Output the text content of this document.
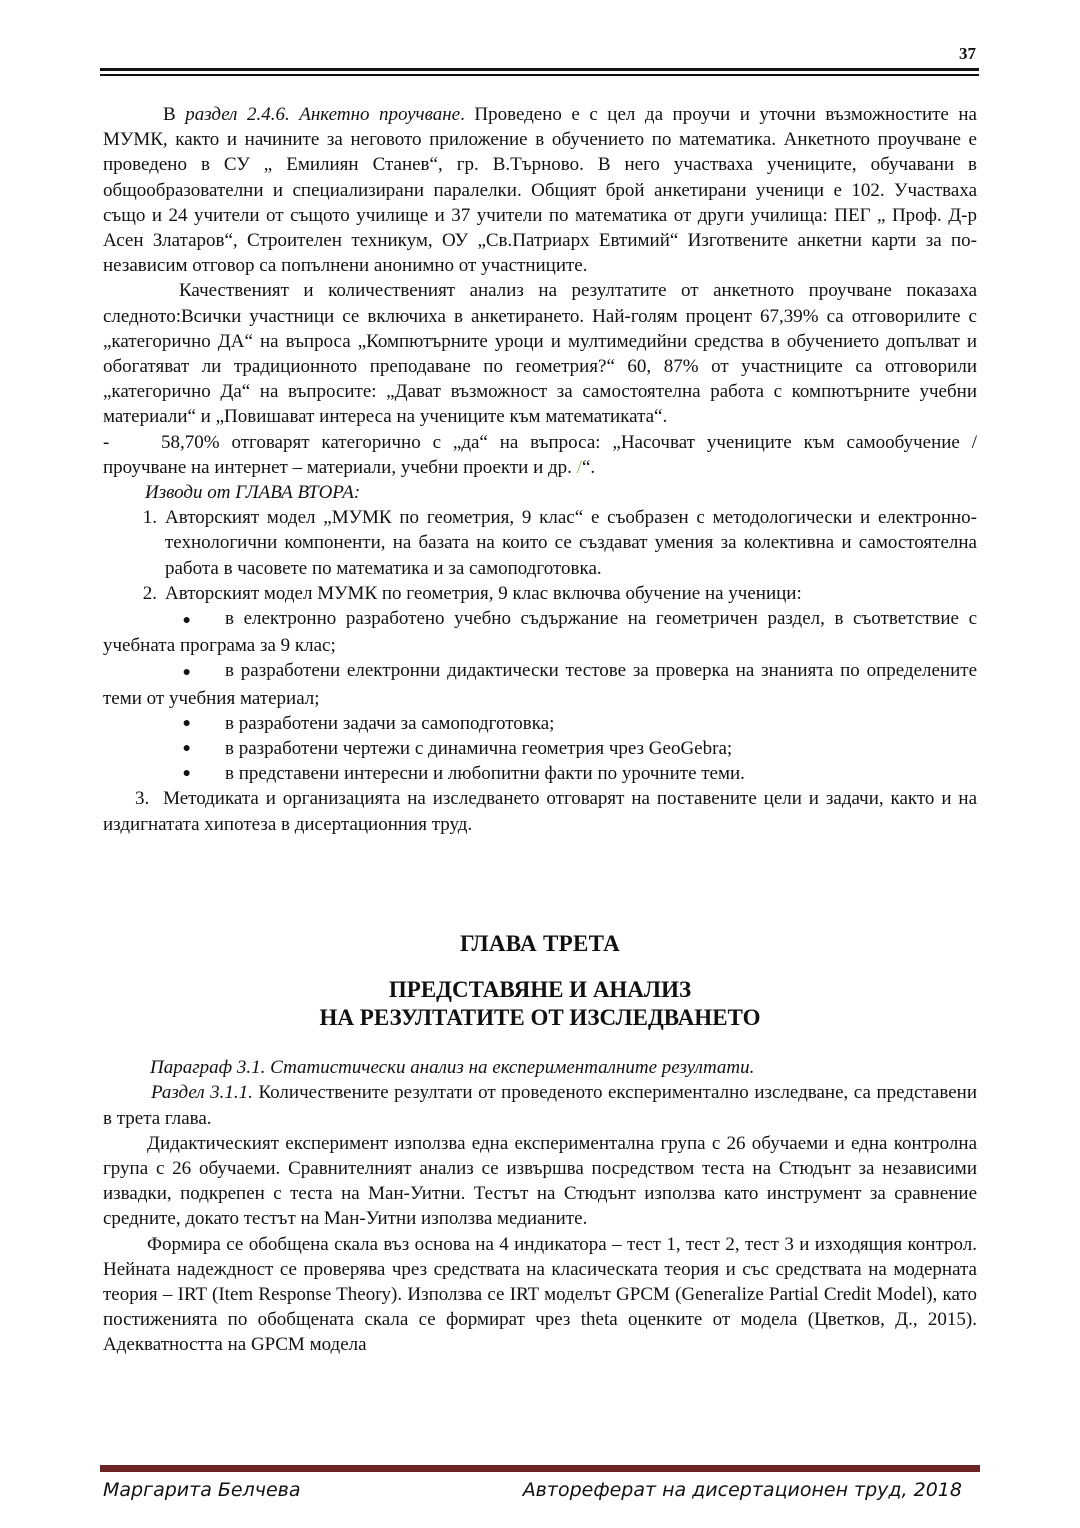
37

В раздел 2.4.6. Анкетно проучване. Проведено е с цел да проучи и уточни възможностите на МУМК, както и начините за неговото приложение в обучението по математика. Анкетното проучване е проведено в СУ „ Емилиян Станев“, гр. В.Търново. В него участваха учениците, обучавани в общообразователни и специализирани паралелки. Общият брой анкетирани ученици е 102. Участваха също и 24 учители от същото училище и 37 учители по математика от други училища: ПЕГ „ Проф. Д-р Асен Златаров“, Строителен техникум, ОУ „Св.Патриарх Евтимий“ Изготвените анкетни карти за по-независим отговор са попълнени анонимно от участниците.

Качественият и количественият анализ на резултатите от анкетното проучване показаха следното:Всички участници се включиха в анкетирането. Най-голям процент 67,39% са отговорилите с „категорично ДА“ на въпроса „Компютърните уроци и мултимедийни средства в обучението допълват и обогатяват ли традиционното преподаване по геометрия?“ 60, 87% от участниците са отговорили „категорично Да“ на въпросите: „Дават възможност за самостоятелна работа с компютърните учебни материали“ и „Повишават интереса на учениците към математиката“.

-	58,70% отговарят категорично с „да“ на въпроса: „Насочват учениците към самообучение /проучване на интернет – материали, учебни проекти и др. /“.

Изводи от ГЛАВА ВТОРА:
1. Авторският модел „МУМК по геометрия, 9 клас“ е съобразен с методологически и електронно-технологични компоненти, на базата на които се създават умения за колективна и самостоятелна работа в часовете по математика и за самоподготовка.
2. Авторският модел МУМК по геометрия, 9 клас включва обучение на ученици:

● в електронно разработено учебно съдържание на геометричен раздел, в съответствие с учебната програма за 9 клас;

● в разработени електронни дидактически тестове за проверка на знанията по определените теми от учебния материал;

●	в разработени задачи за самоподготовка;
●	в разработени чертежи с динамична геометрия чрез GeoGebra;
●	в представени интересни и любопитни факти по урочните теми.

3. Методиката и организацията на изследването отговарят на поставените цели и задачи, както и на издигнатата хипотеза в дисертационния труд.

ГЛАВА ТРЕТА
ПРЕДСТАВЯНЕ И АНАЛИЗ
НА РЕЗУЛТАТИТЕ ОТ ИЗСЛЕДВАНЕТО
Параграф 3.1. Статистически анализ на експерименталните резултати.

Раздел 3.1.1. Количествените резултати от проведеното експериментално изследване, са представени в трета глава.

Дидактическият експеримент използва една експериментална група с 26 обучаеми и една контролна група с 26 обучаеми. Сравнителният анализ се извършва посредством теста на Стюдънт за независими извадки, подкрепен с теста на Ман-Уитни. Тестът на Стюдънт използва като инструмент за сравнение средните, докато тестът на Ман-Уитни използва медианите.

Формира се обобщена скала въз основа на 4 индикатора – тест 1, тест 2, тест 3 и изходящия контрол. Нейната надеждност се проверява чрез средствата на класическата теория и със средствата на модерната теория – IRT (Item Response Theory). Използва се IRT моделът GPCM (Generalize Partial Credit Model), като постиженията по обобщената скала се формират чрез theta оценките от модела (Цветков, Д., 2015). Адекватността на GPCM модела

Маргарита Белчева	Автореферат на дисертационен труд, 2018
